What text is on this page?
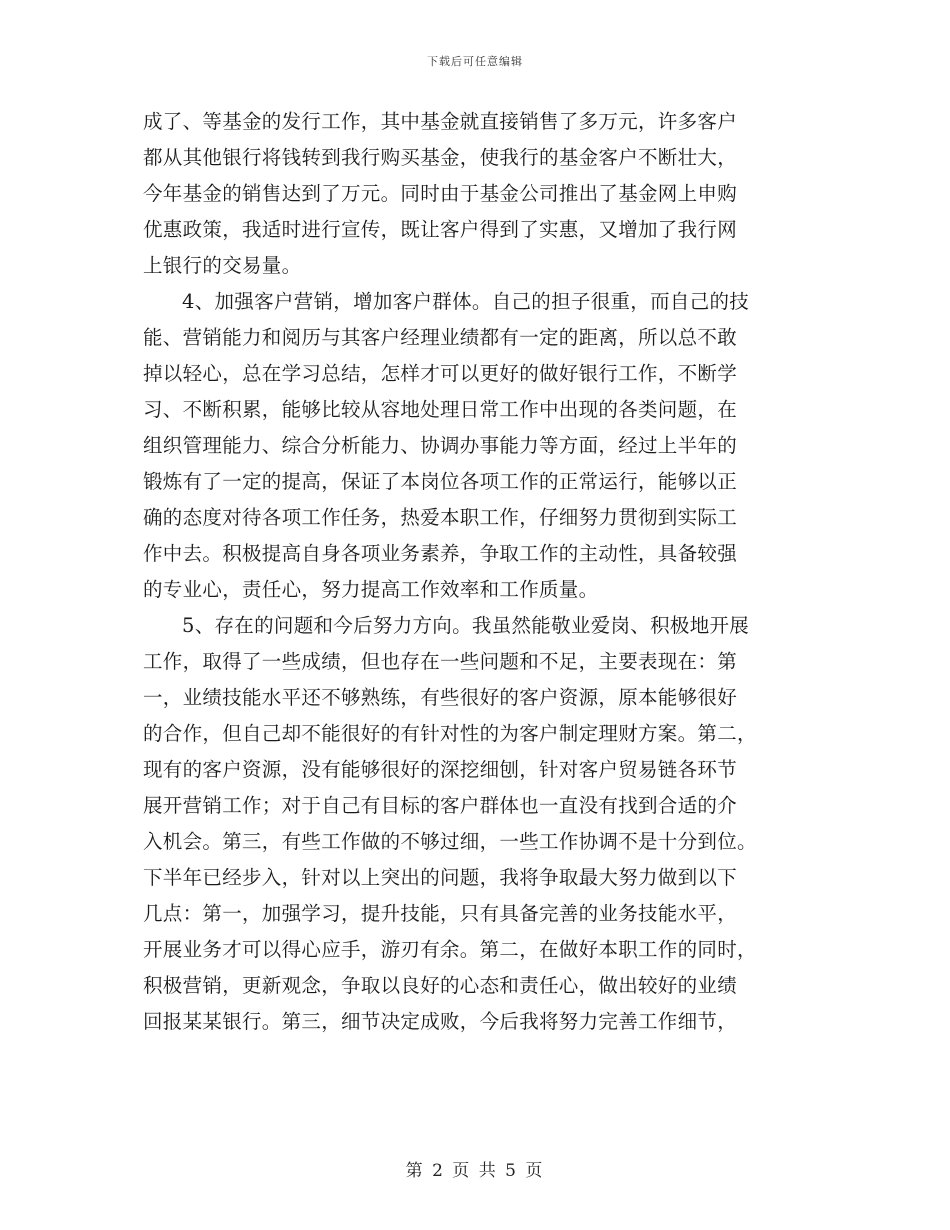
下载后可任意编辑
成了、等基金的发行工作，其中基金就直接销售了多万元，许多客户
都从其他银行将钱转到我行购买基金，使我行的基金客户不断壮大，
今年基金的销售达到了万元。同时由于基金公司推出了基金网上申购
优惠政策，我适时进行宣传，既让客户得到了实惠，又增加了我行网
上银行的交易量。
4、加强客户营销，增加客户群体。自己的担子很重，而自己的技
能、营销能力和阅历与其客户经理业绩都有一定的距离，所以总不敢
掉以轻心，总在学习总结，怎样才可以更好的做好银行工作，不断学
习、不断积累，能够比较从容地处理日常工作中出现的各类问题，在
组织管理能力、综合分析能力、协调办事能力等方面，经过上半年的
锻炼有了一定的提高，保证了本岗位各项工作的正常运行，能够以正
确的态度对待各项工作任务，热爱本职工作，仔细努力贯彻到实际工
作中去。积极提高自身各项业务素养，争取工作的主动性，具备较强
的专业心，责任心，努力提高工作效率和工作质量。
5、存在的问题和今后努力方向。我虽然能敬业爱岗、积极地开展
工作，取得了一些成绩，但也存在一些问题和不足，主要表现在：第
一，业绩技能水平还不够熟练，有些很好的客户资源，原本能够很好
的合作，但自己却不能很好的有针对性的为客户制定理财方案。第二，
现有的客户资源，没有能够很好的深挖细刨，针对客户贸易链各环节
展开营销工作；对于自己有目标的客户群体也一直没有找到合适的介
入机会。第三，有些工作做的不够过细，一些工作协调不是十分到位。
下半年已经步入，针对以上突出的问题，我将争取最大努力做到以下
几点：第一，加强学习，提升技能，只有具备完善的业务技能水平，
开展业务才可以得心应手，游刃有余。第二，在做好本职工作的同时，
积极营销，更新观念，争取以良好的心态和责任心，做出较好的业绩
回报某某银行。第三，细节决定成败，今后我将努力完善工作细节，
第 2 页 共 5 页
